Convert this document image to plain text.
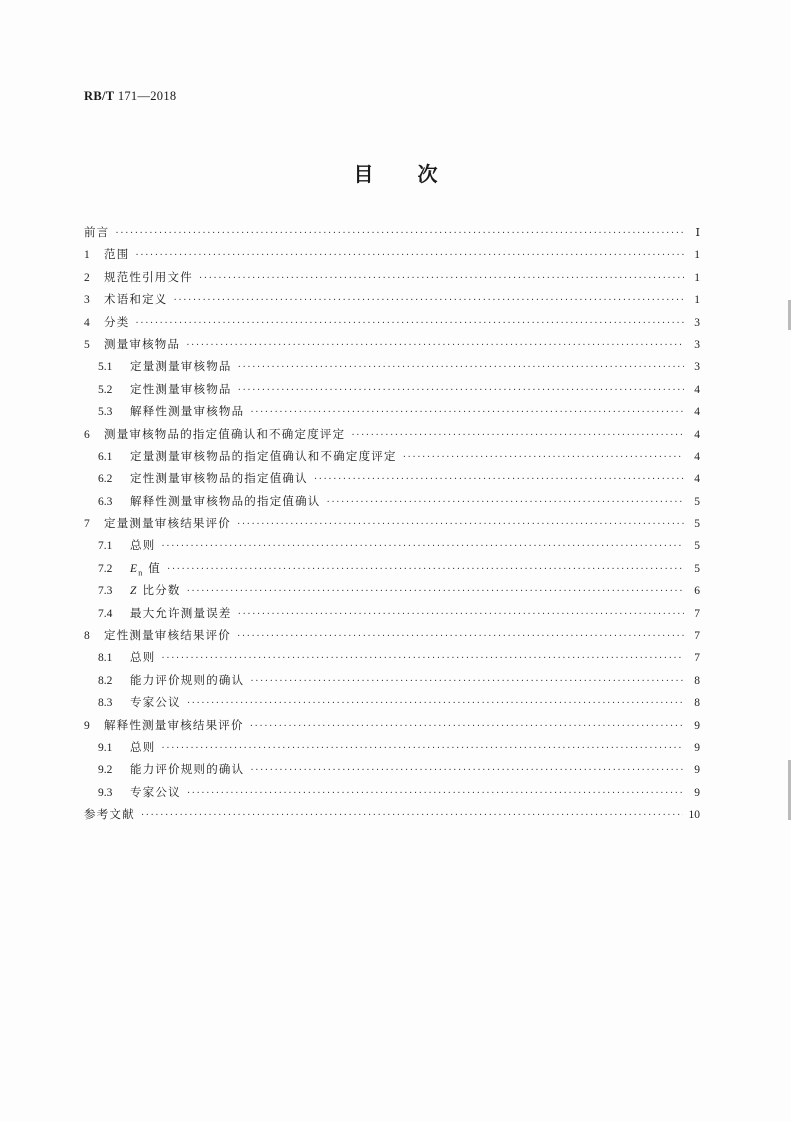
RB/T 171—2018
目 次
前言 ·····	Ⅰ
1	范围 ·····	1
2	规范性引用文件 ·····	1
3	术语和定义 ·····	1
4	分类 ·····	3
5	测量审核物品 ·····	3
5.1	定量测量审核物品 ·····	3
5.2	定性测量审核物品 ·····	4
5.3	解释性测量审核物品 ·····	4
6	测量审核物品的指定值确认和不确定度评定 ·····	4
6.1	定量测量审核物品的指定值确认和不确定度评定 ·····	4
6.2	定性测量审核物品的指定值确认 ·····	4
6.3	解释性测量审核物品的指定值确认 ·····	5
7	定量测量审核结果评价 ·····	5
7.1	总则 ·····	5
7.2	$E_n$ 值 ·····	5
7.3	Z 比分数 ·····	6
7.4	最大允许测量误差 ·····	7
8	定性测量审核结果评价 ·····	7
8.1	总则 ·····	7
8.2	能力评价规则的确认 ·····	8
8.3	专家公议 ·····	8
9	解释性测量审核结果评价 ·····	9
9.1	总则 ·····	9
9.2	能力评价规则的确认 ·····	9
9.3	专家公议 ·····	9
参考文献 ·····	10
